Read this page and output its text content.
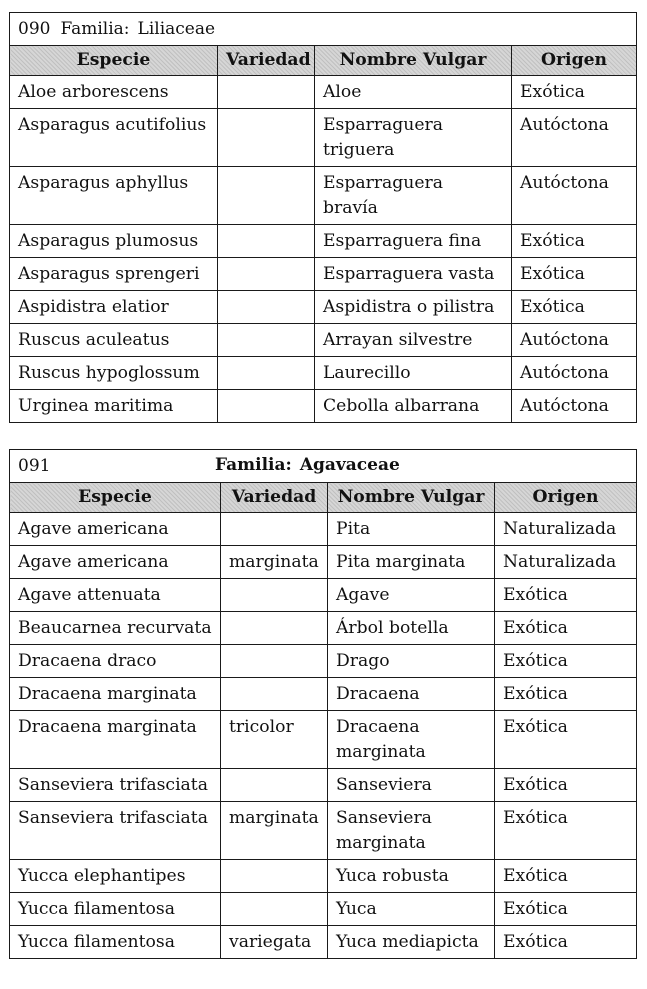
090 Familia: Liliaceae			
Especie	Variedad	Nombre Vulgar	Origen
Aloe arborescens		Aloe	Exótica
Asparagus acutifolius		Esparraguera triguera	Autóctona
Asparagus aphyllus		Esparraguera bravía	Autóctona
Asparagus plumosus		Esparraguera fina	Exótica
Asparagus sprengeri		Esparraguera vasta	Exótica
Aspidistra elatior		Aspidistra o pilistra	Exótica
Ruscus aculeatus		Arrayan silvestre	Autóctona
Ruscus hypoglossum		Laurecillo	Autóctona
Urginea maritima		Cebolla albarrana	Autóctona
091 Familia: Agavaceae			

Especie	Variedad	Nombre Vulgar	Origen
Agave americana		Pita	Naturalizada
Agave americana	marginata	Pita marginata	Naturalizada
Agave attenuata		Agave	Exótica
Beaucarnea recurvata		Árbol botella	Exótica
Dracaena draco		Drago	Exótica
Dracaena marginata		Dracaena	Exótica
Dracaena marginata	tricolor	Dracaena marginata	Exótica
Sanseviera trifasciata		Sanseviera	Exótica
Sanseviera trifasciata	marginata	Sanseviera marginata	Exótica
Yucca elephantipes		Yuca robusta	Exótica
Yucca filamentosa		Yuca	Exótica
Yucca filamentosa	variegata	Yuca mediapicta	Exótica
